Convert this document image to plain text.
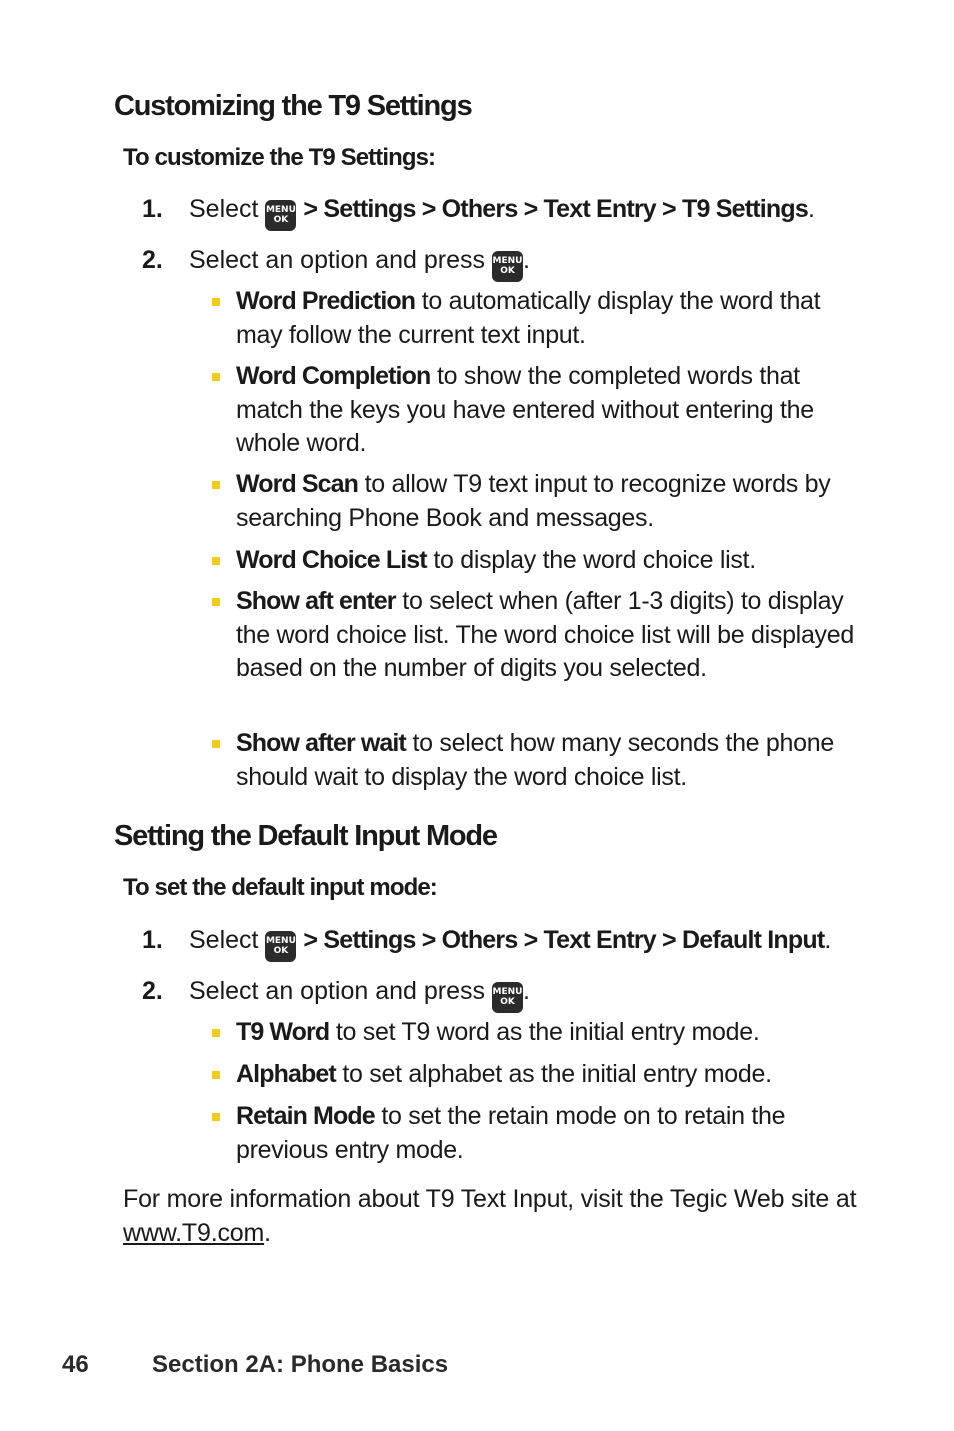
Customizing the T9 Settings

To customize the T9 Settings:

1. Select MENU
OK > Settings > Others > Text Entry > T9 Settings.
2. Select an option and press MENU
OK .
Word Prediction to automatically display the word that may follow the current text input.
Word Completion to show the completed words that match the keys you have entered without entering the whole word.
Word Scan to allow T9 text input to recognize words by searching Phone Book and messages.
Word Choice List to display the word choice list.
Show aft enter to select when (after 1-3 digits) to display the word choice list. The word choice list will be displayed based on the number of digits you selected.
Show after wait to select how many seconds the phone should wait to display the word choice list.
Setting the Default Input Mode

To set the default input mode:

1. Select MENU
OK > Settings > Others > Text Entry > Default Input.
2. Select an option and press MENU
OK .
T9 Word to set T9 word as the initial entry mode.
Alphabet to set alphabet as the initial entry mode.
Retain Mode to set the retain mode on to retain the previous entry mode.

For more information about T9 Text Input, visit the Tegic Web site at www.T9.com.

46	Section 2A: Phone Basics
